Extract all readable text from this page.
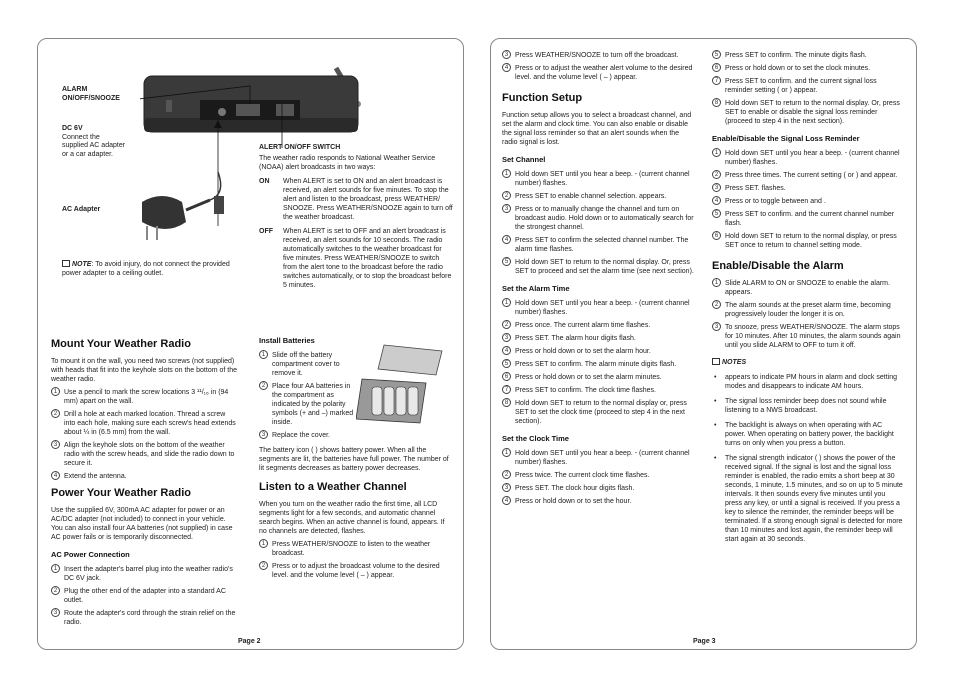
ALARM
ON/OFF/SNOOZE
DC 6V
Connect the
supplied AC adapter
or a car adapter.
AC Adapter
NOTE: To avoid injury, do not connect the provided power adapter to a ceiling outlet.

ALERT ON/OFF SWITCH

The weather radio responds to National Weather Service (NOAA) alert broadcasts in two ways:

ON When ALERT is set to ON and an alert broadcast is received, an alert sounds for five minutes. To stop the alert and listen to the broadcast, press WEATHER/ SNOOZE. Press WEATHER/SNOOZE again to turn off the weather broadcast.
OFF When ALERT is set to OFF and an alert broadcast is received, an alert sounds for 10 seconds. The radio automatically switches to the weather broadcast for five minutes. Press WEATHER/SNOOZE to switch from the alert tone to the broadcast before the radio switches automatically, or to stop the broadcast before 5 minutes.
Mount Your Weather Radio

To mount it on the wall, you need two screws (not supplied) with heads that fit into the keyhole slots on the bottom of the weather radio.

1 Use a pencil to mark the screw locations 3 ¹¹/₁₆ in (94 mm) apart on the wall.
2 Drill a hole at each marked location. Thread a screw into each hole, making sure each screw's head extends about ¼ in (6.5 mm) from the wall.
3 Align the keyhole slots on the bottom of the weather radio with the screw heads, and slide the radio down to secure it.
4 Extend the antenna.
Power Your Weather Radio

Use the supplied 6V, 300mA AC adapter for power or an AC/DC adapter (not included) to connect in your vehicle. You can also install four AA batteries (not supplied) in case AC power fails or is temporarily disconnected.

AC Power Connection
1 Insert the adapter's barrel plug into the weather radio's DC 6V jack.
2 Plug the other end of the adapter into a standard AC outlet.
3 Route the adapter's cord through the strain relief on the radio.
Install Batteries
1 Slide off the battery compartment cover to remove it.
2 Place four AA batteries in the compartment as indicated by the polarity symbols (+ and –) marked inside.
3 Replace the cover.

The battery icon ( ) shows battery power. When all the segments are lit, the batteries have full power. The number of lit segments decreases as battery power decreases.

Listen to a Weather Channel

When you turn on the weather radio the first time, all LCD segments light for a few seconds, and automatic channel search begins. When an active channel is found, appears. If no channels are detected, flashes.

1 Press WEATHER/SNOOZE to listen to the weather broadcast.
2 Press or to adjust the broadcast volume to the desired level. and the volume level ( – ) appear.
Page 2
3 Press WEATHER/SNOOZE to turn off the broadcast.
4 Press or to adjust the weather alert volume to the desired level. and the volume level ( – ) appear.
Function Setup

Function setup allows you to select a broadcast channel, and set the alarm and clock time. You can also enable or disable the signal loss reminder so that an alert sounds when the radio signal is lost.

Set Channel
1 Hold down SET until you hear a beep. - (current channel number) flashes.
2 Press SET to enable channel selection. appears.
3 Press or to manually change the channel and turn on broadcast audio. Hold down or to automatically search for the strongest channel.
4 Press SET to confirm the selected channel number. The alarm time flashes.
5 Hold down SET to return to the normal display. Or, press SET to proceed and set the alarm time (see next section).
Set the Alarm Time
1 Hold down SET until you hear a beep. - (current channel number) flashes.
2 Press once. The current alarm time flashes.
3 Press SET. The alarm hour digits flash.
4 Press or hold down or to set the alarm hour.
5 Press SET to confirm. The alarm minute digits flash.
6 Press or hold down or to set the alarm minutes.
7 Press SET to confirm. The clock time flashes.
8 Hold down SET to return to the normal display or, press SET to set the clock time (proceed to step 4 in the next section).
Set the Clock Time
1 Hold down SET until you hear a beep. - (current channel number) flashes.
2 Press twice. The current clock time flashes.
3 Press SET. The clock hour digits flash.
4 Press or hold down or to set the hour.
5 Press SET to confirm. The minute digits flash.
6 Press or hold down or to set the clock minutes.
7 Press SET to confirm. and the current signal loss reminder setting ( or ) appear.
8 Hold down SET to return to the normal display. Or, press SET to enable or disable the signal loss reminder (proceed to step 4 in the next section).
Enable/Disable the Signal Loss Reminder
1 Hold down SET until you hear a beep. - (current channel number) flashes.
2 Press three times. The current setting ( or ) and appear.
3 Press SET. flashes.
4 Press or to toggle between and .
5 Press SET to confirm. and the current channel number flash.
6 Hold down SET to return to the normal display, or press SET once to return to channel setting mode.
Enable/Disable the Alarm
1 Slide ALARM to ON or SNOOZE to enable the alarm. appears.
2 The alarm sounds at the preset alarm time, becoming progressively louder the longer it is on.
3 To snooze, press WEATHER/SNOOZE. The alarm stops for 10 minutes. After 10 minutes, the alarm sounds again until you slide ALARM to OFF to turn it off.
NOTES
• appears to indicate PM hours in alarm and clock setting modes and disappears to indicate AM hours.
• The signal loss reminder beep does not sound while listening to a NWS broadcast.
• The backlight is always on when operating with AC power. When operating on battery power, the backlight turns on only when you press a button.
• The signal strength indicator ( ) shows the power of the received signal. If the signal is lost and the signal loss reminder is enabled, the radio emits a short beep at 30 seconds, 1 minute, 1.5 minutes, and so on up to 5 minute intervals. It then sounds every five minutes until you press any key, or until a signal is received. If you press a key to silence the reminder, the reminder beeps will be terminated. If a strong enough signal is detected for more than 10 minutes and lost again, the reminder beep will start again at 30 seconds.
Page 3
